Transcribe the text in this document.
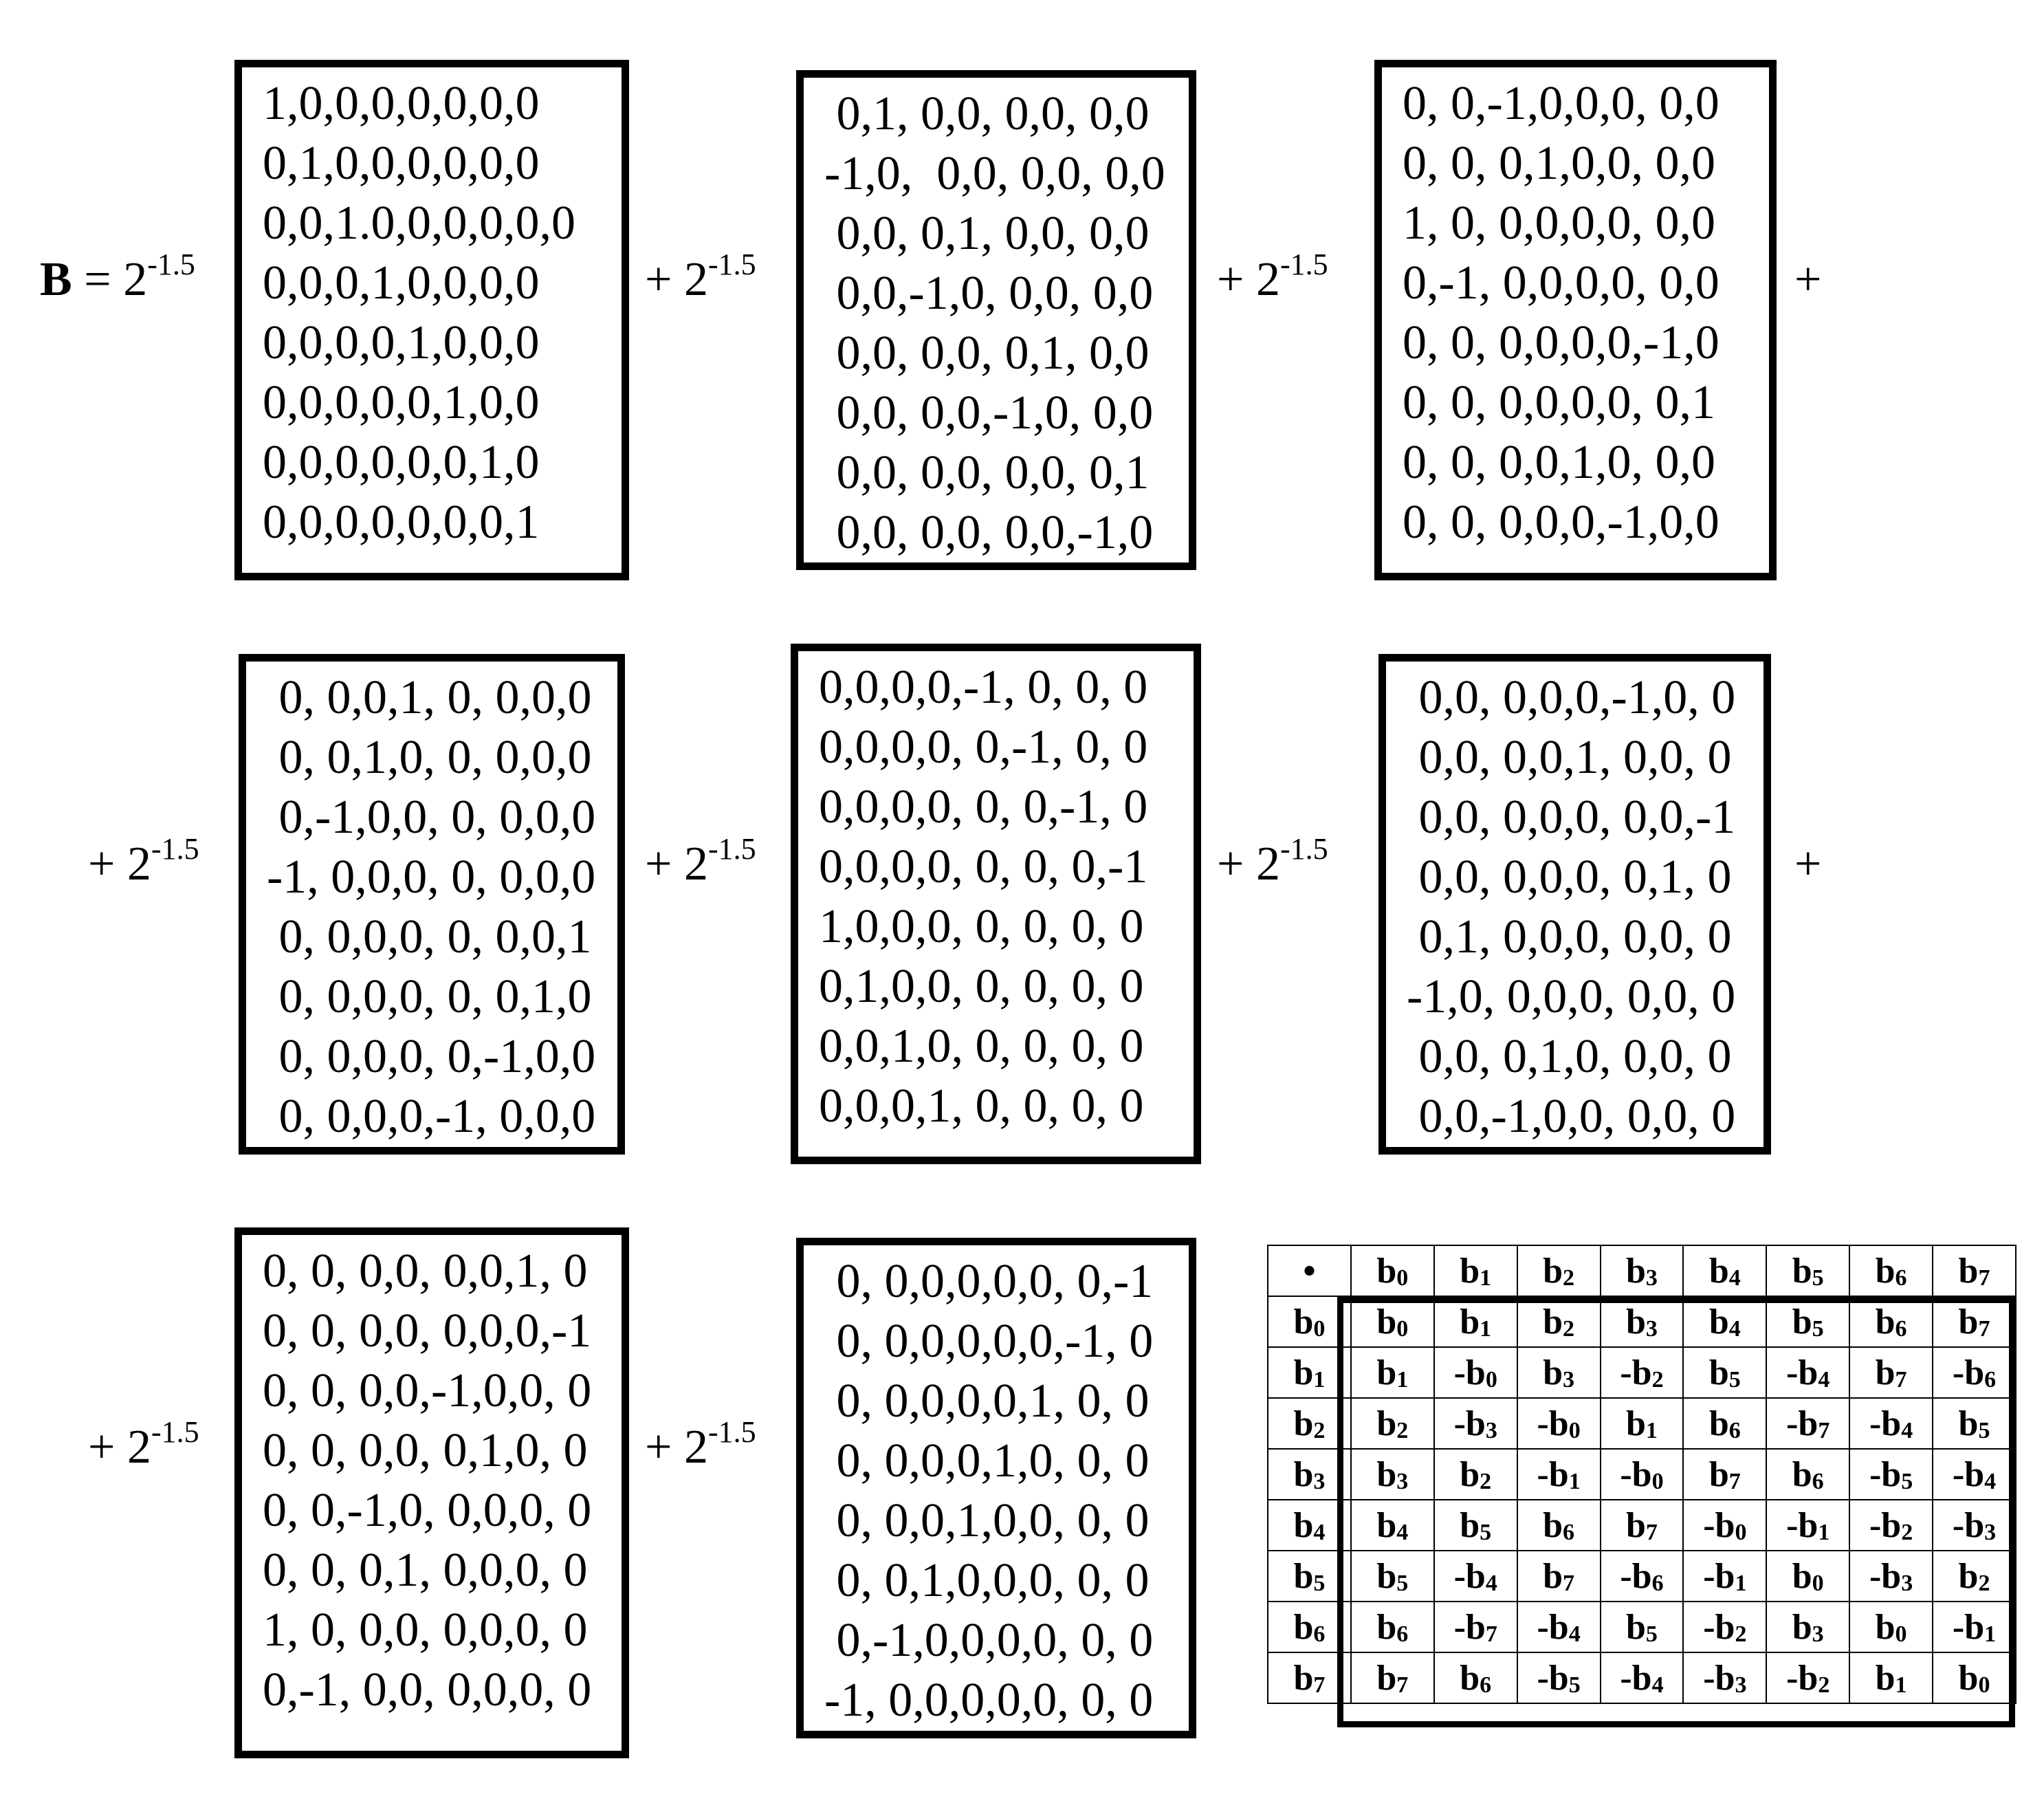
$B = 2^{-1.5}$
1,0,0,0,0,0,0,0
0,1,0,0,0,0,0,0
0,0,1.0,0,0,0,0,0
0,0,0,1,0,0,0,0
0,0,0,0,1,0,0,0
0,0,0,0,0,1,0,0
0,0,0,0,0,0,1,0
0,0,0,0,0,0,0,1
+ $2^{-1.5}$
0,1, 0,0, 0,0, 0,0
-1,0,  0,0, 0,0, 0,0
0,0, 0,1, 0,0, 0,0
0,0,-1,0, 0,0, 0,0
0,0, 0,0, 0,1, 0,0
0,0, 0,0,-1,0, 0,0
0,0, 0,0, 0,0, 0,1
0,0, 0,0, 0,0,-1,0
+ $2^{-1.5}$
0, 0,-1,0,0,0, 0,0
0, 0, 0,1,0,0, 0,0
1, 0, 0,0,0,0, 0,0
0,-1, 0,0,0,0, 0,0
0, 0, 0,0,0,0,-1,0
0, 0, 0,0,0,0, 0,1
0, 0, 0,0,1,0, 0,0
0, 0, 0,0,0,-1,0,0
+
+ $2^{-1.5}$
0, 0,0,1, 0, 0,0,0
0, 0,1,0, 0, 0,0,0
0,-1,0,0, 0, 0,0,0
-1, 0,0,0, 0, 0,0,0
0, 0,0,0, 0, 0,0,1
0, 0,0,0, 0, 0,1,0
0, 0,0,0, 0,-1,0,0
0, 0,0,0,-1, 0,0,0
+ $2^{-1.5}$
0,0,0,0,-1, 0, 0, 0
0,0,0,0, 0,-1, 0, 0
0,0,0,0, 0, 0,-1, 0
0,0,0,0, 0, 0, 0,-1
1,0,0,0, 0, 0, 0, 0
0,1,0,0, 0, 0, 0, 0
0,0,1,0, 0, 0, 0, 0
0,0,0,1, 0, 0, 0, 0
+ $2^{-1.5}$
0,0, 0,0,0,-1,0, 0
0,0, 0,0,1, 0,0, 0
0,0, 0,0,0, 0,0,-1
0,0, 0,0,0, 0,1, 0
0,1, 0,0,0, 0,0, 0
-1,0, 0,0,0, 0,0, 0
0,0, 0,1,0, 0,0, 0
0,0,-1,0,0, 0,0, 0
+
+ $2^{-1.5}$
0, 0, 0,0, 0,0,1, 0
0, 0, 0,0, 0,0,0,-1
0, 0, 0,0,-1,0,0, 0
0, 0, 0,0, 0,1,0, 0
0, 0,-1,0, 0,0,0, 0
0, 0, 0,1, 0,0,0, 0
1, 0, 0,0, 0,0,0, 0
0,-1, 0,0, 0,0,0, 0
+ $2^{-1.5}$
0, 0,0,0,0,0, 0,-1
0, 0,0,0,0,0,-1, 0
0, 0,0,0,0,1, 0, 0
0, 0,0,0,1,0, 0, 0
0, 0,0,1,0,0, 0, 0
0, 0,1,0,0,0, 0, 0
0,-1,0,0,0,0, 0, 0
-1, 0,0,0,0,0, 0, 0
•	$b_0$	$b_1$	$b_2$	$b_3$	$b_4$	$b_5$	$b_6$	$b_7$
$b_0$	$b_0$	$b_1$	$b_2$	$b_3$	$b_4$	$b_5$	$b_6$	$b_7$
$b_1$	$b_1$	$-b_0$	$b_3$	$-b_2$	$b_5$	$-b_4$	$b_7$	$-b_6$
$b_2$	$b_2$	$-b_3$	$-b_0$	$b_1$	$b_6$	$-b_7$	$-b_4$	$b_5$
$b_3$	$b_3$	$b_2$	$-b_1$	$-b_0$	$b_7$	$b_6$	$-b_5$	$-b_4$
$b_4$	$b_4$	$b_5$	$b_6$	$b_7$	$-b_0$	$-b_1$	$-b_2$	$-b_3$
$b_5$	$b_5$	$-b_4$	$b_7$	$-b_6$	$-b_1$	$b_0$	$-b_3$	$b_2$
$b_6$	$b_6$	$-b_7$	$-b_4$	$b_5$	$-b_2$	$b_3$	$b_0$	$-b_1$
$b_7$	$b_7$	$b_6$	$-b_5$	$-b_4$	$-b_3$	$-b_2$	$b_1$	$b_0$
